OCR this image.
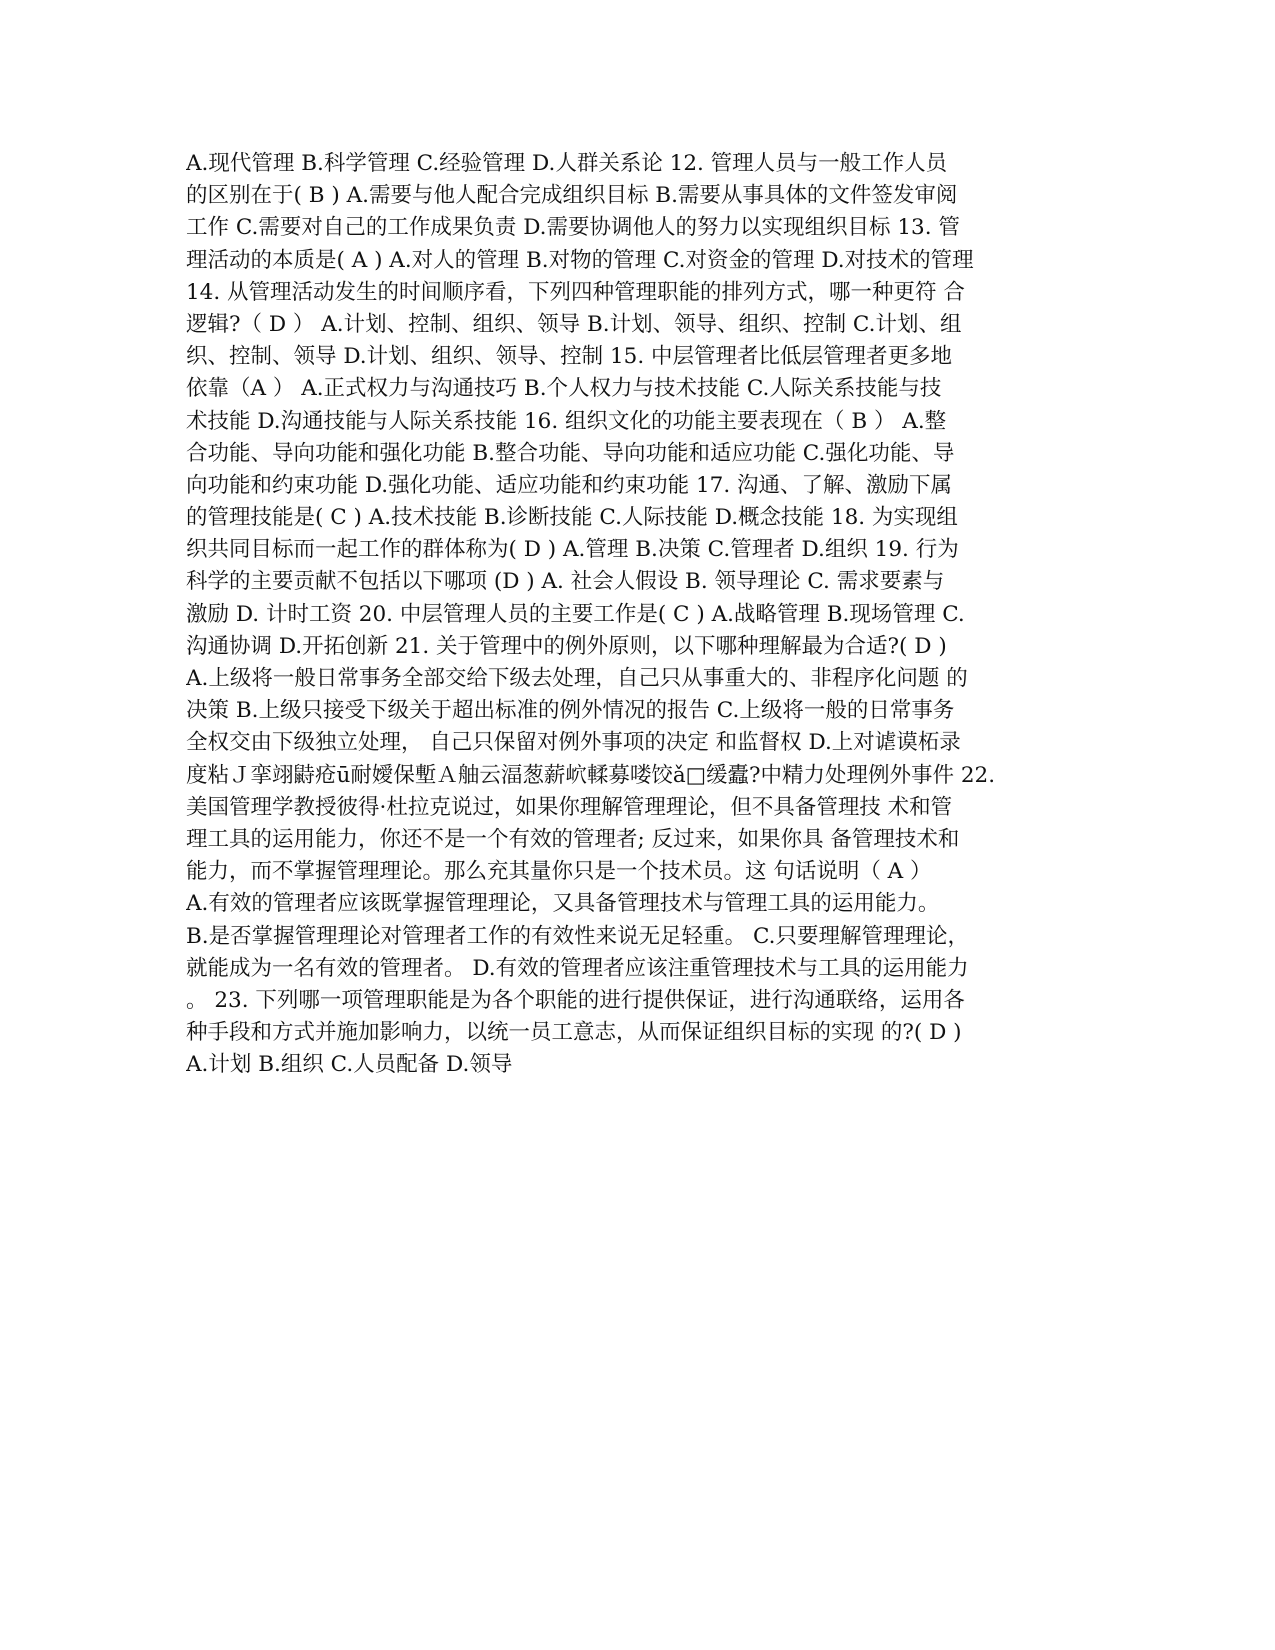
A.现代管理 B.科学管理 C.经验管理 D.人群关系论 12. 管理人员与一般工作人员
的区别在于( B ) A.需要与他人配合完成组织目标 B.需要从事具体的文件签发审阅
工作 C.需要对自己的工作成果负责 D.需要协调他人的努力以实现组织目标 13. 管
理活动的本质是( A ) A.对人的管理 B.对物的管理 C.对资金的管理 D.对技术的管理
14. 从管理活动发生的时间顺序看，下列四种管理职能的排列方式，哪一种更符 合
逻辑?（ D ） A.计划、控制、组织、领导 B.计划、领导、组织、控制 C.计划、组
织、控制、领导 D.计划、组织、领导、控制 15. 中层管理者比低层管理者更多地
依靠（A ） A.正式权力与沟通技巧 B.个人权力与技术技能 C.人际关系技能与技
术技能 D.沟通技能与人际关系技能 16. 组织文化的功能主要表现在（ B ） A.整
合功能、导向功能和强化功能 B.整合功能、导向功能和适应功能 C.强化功能、导
向功能和约束功能 D.强化功能、适应功能和约束功能 17. 沟通、了解、激励下属
的管理技能是( C ) A.技术技能 B.诊断技能 C.人际技能 D.概念技能 18. 为实现组
织共同目标而一起工作的群体称为( D ) A.管理 B.决策 C.管理者 D.组织 19. 行为
科学的主要贡献不包括以下哪项 (D ) A. 社会人假设 B. 领导理论 C. 需求要素与
激励 D. 计时工资 20. 中层管理人员的主要工作是( C ) A.战略管理 B.现场管理 C.
沟通协调 D.开拓创新 21. 关于管理中的例外原则，以下哪种理解最为合适?( D )
A.上级将一般日常事务全部交给下级去处理，自己只从事重大的、非程序化问题 的
决策 B.上级只接受下级关于超出标准的例外情况的报告 C.上级将一般的日常事务
全权交由下级独立处理， 自己只保留对例外事项的决定 和监督权 D.上对谑谟柘录
度粘Ｊ挛翊鼭疮ū耐嬡保塹Ａ舳云湢葱薪岤輮募喽饺ǎ□缓蠹?中精力处理例外事件 22.
美国管理学教授彼得·杜拉克说过，如果你理解管理理论，但不具备管理技 术和管
理工具的运用能力，你还不是一个有效的管理者; 反过来，如果你具 备管理技术和
能力，而不掌握管理理论。那么充其量你只是一个技术员。这 句话说明（ A ）
A.有效的管理者应该既掌握管理理论，又具备管理技术与管理工具的运用能力。
B.是否掌握管理理论对管理者工作的有效性来说无足轻重。 C.只要理解管理理论，
就能成为一名有效的管理者。 D.有效的管理者应该注重管理技术与工具的运用能力
。 23. 下列哪一项管理职能是为各个职能的进行提供保证，进行沟通联络，运用各
种手段和方式并施加影响力，以统一员工意志，从而保证组织目标的实现 的?( D )
A.计划 B.组织 C.人员配备 D.领导
